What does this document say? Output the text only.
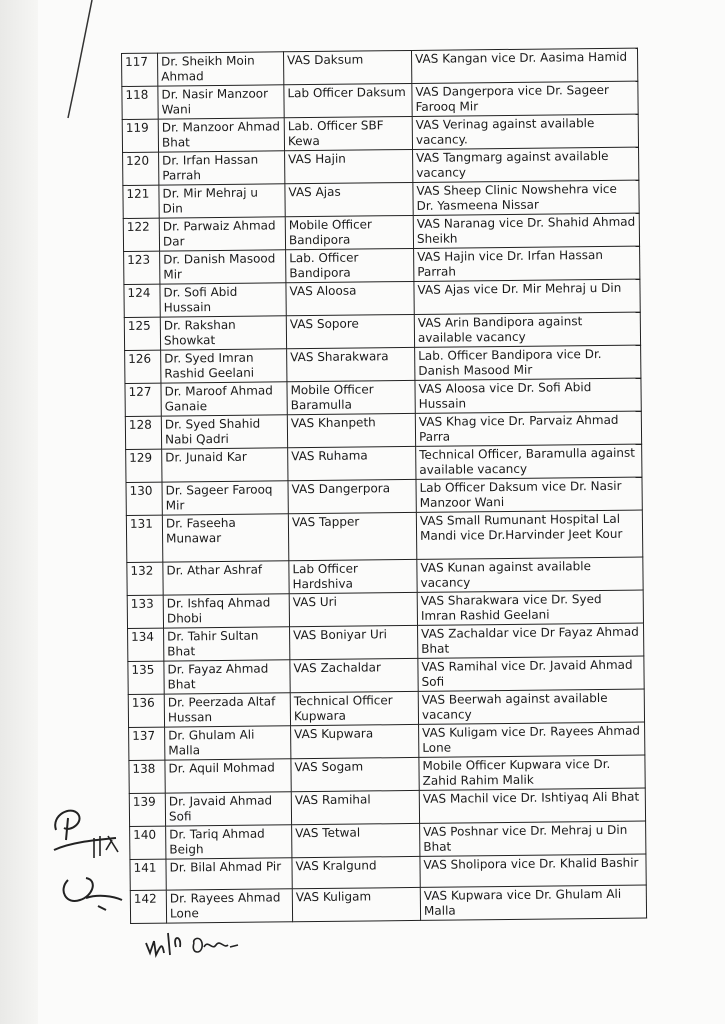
117	Dr. Sheikh Moin Ahmad	VAS Daksum	VAS Kangan vice Dr. Aasima Hamid
118	Dr. Nasir Manzoor Wani	Lab Officer Daksum	VAS Dangerpora vice Dr. Sageer Farooq Mir
119	Dr. Manzoor Ahmad Bhat	Lab. Officer SBF Kewa	VAS Verinag against available vacancy.
120	Dr. Irfan Hassan Parrah	VAS Hajin	VAS Tangmarg against available vacancy
121	Dr. Mir Mehraj u Din	VAS Ajas	VAS Sheep Clinic Nowshehra vice Dr. Yasmeena Nissar
122	Dr. Parwaiz Ahmad Dar	Mobile Officer Bandipora	VAS Naranag vice Dr. Shahid Ahmad Sheikh
123	Dr. Danish Masood Mir	Lab. Officer Bandipora	VAS Hajin vice Dr. Irfan Hassan Parrah
124	Dr. Sofi Abid Hussain	VAS Aloosa	VAS Ajas vice Dr. Mir Mehraj u Din
125	Dr. Rakshan Showkat	VAS Sopore	VAS Arin Bandipora against available vacancy
126	Dr. Syed Imran Rashid Geelani	VAS Sharakwara	Lab. Officer Bandipora vice Dr. Danish Masood Mir
127	Dr. Maroof Ahmad Ganaie	Mobile Officer Baramulla	VAS Aloosa vice Dr. Sofi Abid Hussain
128	Dr. Syed Shahid Nabi Qadri	VAS Khanpeth	VAS Khag vice Dr. Parvaiz Ahmad Parra
129	Dr. Junaid Kar	VAS Ruhama	Technical Officer, Baramulla against available vacancy
130	Dr. Sageer Farooq Mir	VAS Dangerpora	Lab Officer Daksum vice Dr. Nasir Manzoor Wani
131	Dr. Faseeha Munawar	VAS Tapper	VAS Small Rumunant Hospital Lal Mandi vice Dr.Harvinder Jeet Kour
132	Dr. Athar Ashraf	Lab Officer Hardshiva	VAS Kunan against available vacancy
133	Dr. Ishfaq Ahmad Dhobi	VAS Uri	VAS Sharakwara vice Dr. Syed Imran Rashid Geelani
134	Dr. Tahir Sultan Bhat	VAS Boniyar Uri	VAS Zachaldar vice Dr Fayaz Ahmad Bhat
135	Dr. Fayaz Ahmad Bhat	VAS Zachaldar	VAS Ramihal vice Dr. Javaid Ahmad Sofi
136	Dr. Peerzada Altaf Hussan	Technical Officer Kupwara	VAS Beerwah against available vacancy
137	Dr. Ghulam Ali Malla	VAS Kupwara	VAS Kuligam vice Dr. Rayees Ahmad Lone
138	Dr. Aquil Mohmad	VAS Sogam	Mobile Officer Kupwara vice Dr. Zahid Rahim Malik
139	Dr. Javaid Ahmad Sofi	VAS Ramihal	VAS Machil vice Dr. Ishtiyaq Ali Bhat
140	Dr. Tariq Ahmad Beigh	VAS Tetwal	VAS Poshnar vice Dr. Mehraj u Din Bhat
141	Dr. Bilal Ahmad Pir	VAS Kralgund	VAS Sholipora vice Dr. Khalid Bashir
142	Dr. Rayees Ahmad Lone	VAS Kuligam	VAS Kupwara vice Dr. Ghulam Ali Malla
